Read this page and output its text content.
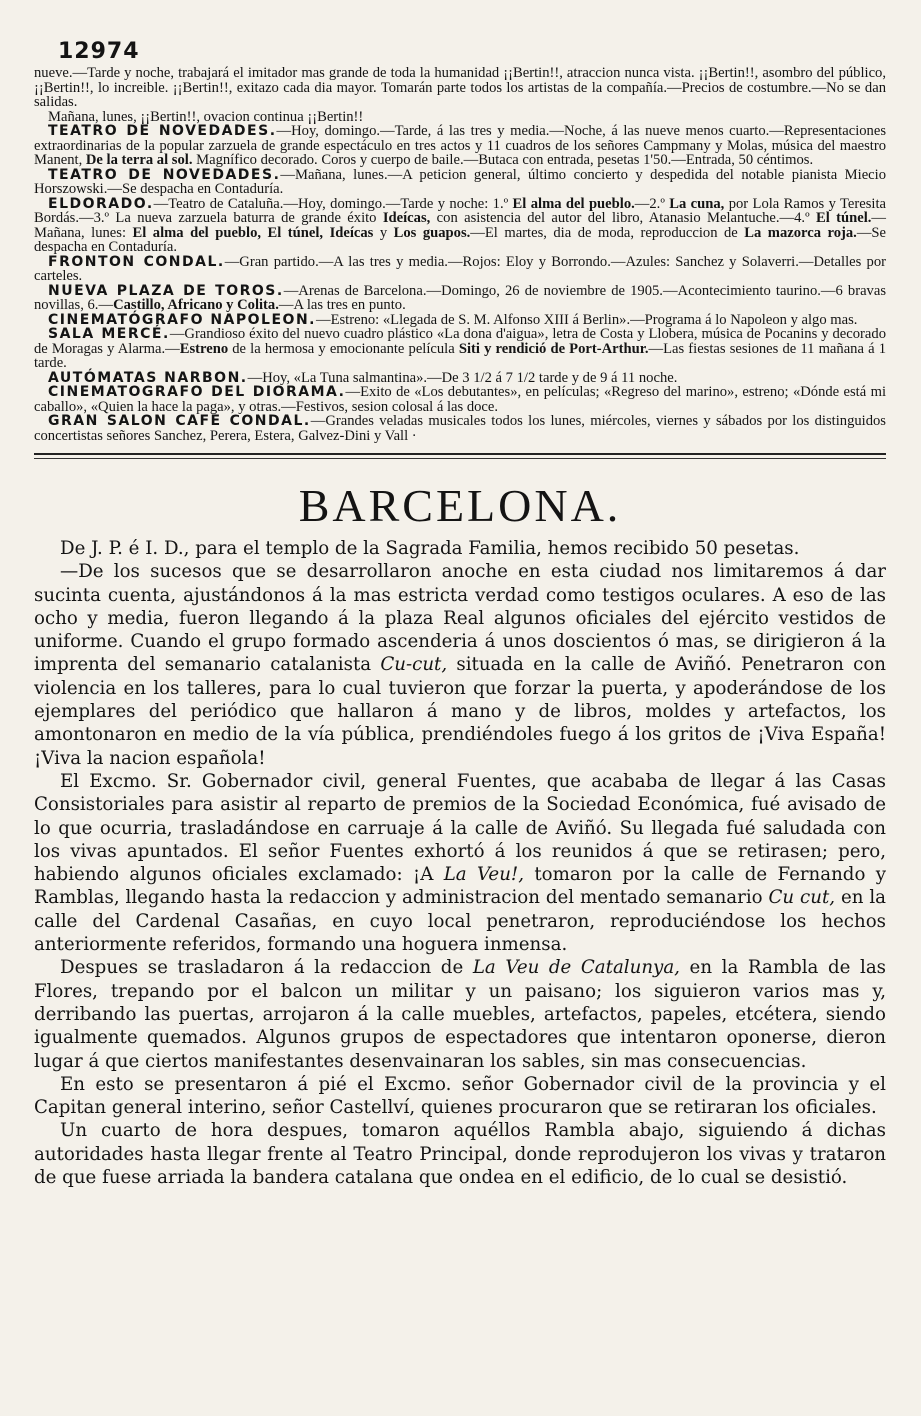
12974

nueve.—Tarde y noche, trabajará el imitador mas grande de toda la humanidad ¡¡Bertin!!, atraccion nunca vista. ¡¡Bertin!!, asombro del público, ¡¡Bertin!!, lo increible. ¡¡Bertin!!, exitazo cada dia mayor. Tomarán parte todos los artistas de la compañía.—Precios de costumbre.—No se dan salidas.

Mañana, lunes, ¡¡Bertin!!, ovacion continua ¡¡Bertin!!

TEATRO DE NOVEDADES.—Hoy, domingo.—Tarde, á las tres y media.—Noche, á las nueve menos cuarto.—Representaciones extraordinarias de la popular zarzuela de grande espectáculo en tres actos y 11 cuadros de los señores Campmany y Molas, música del maestro Manent, De la terra al sol. Magnífico decorado. Coros y cuerpo de baile.—Butaca con entrada, pesetas 1'50.—Entrada, 50 céntimos.

TEATRO DE NOVEDADES.—Mañana, lunes.—A peticion general, último concierto y despedida del notable pianista Miecio Horszowski.—Se despacha en Contaduría.

ELDORADO.—Teatro de Cataluña.—Hoy, domingo.—Tarde y noche: 1.º El alma del pueblo.—2.º La cuna, por Lola Ramos y Teresita Bordás.—3.º La nueva zarzuela baturra de grande éxito Ideícas, con asistencia del autor del libro, Atanasio Melantuche.—4.º El túnel.—Mañana, lunes: El alma del pueblo, El túnel, Ideícas y Los guapos.—El martes, dia de moda, reproduccion de La mazorca roja.—Se despacha en Contaduría.

FRONTON CONDAL.—Gran partido.—A las tres y media.—Rojos: Eloy y Borrondo.—Azules: Sanchez y Solaverri.—Detalles por carteles.

NUEVA PLAZA DE TOROS.—Arenas de Barcelona.—Domingo, 26 de noviembre de 1905.—Acontecimiento taurino.—6 bravas novillas, 6.—Castillo, Africano y Colita.—A las tres en punto.

CINEMATÓGRAFO NAPOLEON.—Estreno: «Llegada de S. M. Alfonso XIII á Berlin».—Programa á lo Napoleon y algo mas.

SALA MERCÉ.—Grandioso éxito del nuevo cuadro plástico «La dona d'aigua», letra de Costa y Llobera, música de Pocanins y decorado de Moragas y Alarma.—Estreno de la hermosa y emocionante película Siti y rendició de Port-Arthur.—Las fiestas sesiones de 11 mañana á 1 tarde.

AUTÓMATAS NARBON.—Hoy, «La Tuna salmantina».—De 3 1/2 á 7 1/2 tarde y de 9 á 11 noche.

CINEMATOGRAFO DEL DIORAMA.—Exito de «Los debutantes», en películas; «Regreso del marino», estreno; «Dónde está mi caballo», «Quien la hace la paga», y otras.—Festivos, sesion colosal á las doce.

GRAN SALON CAFE CONDAL.—Grandes veladas musicales todos los lunes, miércoles, viernes y sábados por los distinguidos concertistas señores Sanchez, Perera, Estera, Galvez-Dini y Vall ·

BARCELONA.

De J. P. é I. D., para el templo de la Sagrada Familia, hemos recibido 50 pesetas.

—De los sucesos que se desarrollaron anoche en esta ciudad nos limitaremos á dar sucinta cuenta, ajustándonos á la mas estricta verdad como testigos oculares. A eso de las ocho y media, fueron llegando á la plaza Real algunos oficiales del ejército vestidos de uniforme. Cuando el grupo formado ascenderia á unos doscientos ó mas, se dirigieron á la imprenta del semanario catalanista Cu-cut, situada en la calle de Aviñó. Penetraron con violencia en los talleres, para lo cual tuvieron que forzar la puerta, y apoderándose de los ejemplares del periódico que hallaron á mano y de libros, moldes y artefactos, los amontonaron en medio de la vía pública, prendiéndoles fuego á los gritos de ¡Viva España! ¡Viva la nacion española!

El Excmo. Sr. Gobernador civil, general Fuentes, que acababa de llegar á las Casas Consistoriales para asistir al reparto de premios de la Sociedad Económica, fué avisado de lo que ocurria, trasladándose en carruaje á la calle de Aviñó. Su llegada fué saludada con los vivas apuntados. El señor Fuentes exhortó á los reunidos á que se retirasen; pero, habiendo algunos oficiales exclamado: ¡A La Veu!, tomaron por la calle de Fernando y Ramblas, llegando hasta la redaccion y administracion del mentado semanario Cu cut, en la calle del Cardenal Casañas, en cuyo local penetraron, reproduciéndose los hechos anteriormente referidos, formando una hoguera inmensa.

Despues se trasladaron á la redaccion de La Veu de Catalunya, en la Rambla de las Flores, trepando por el balcon un militar y un paisano; los siguieron varios mas y, derribando las puertas, arrojaron á la calle muebles, artefactos, papeles, etcétera, siendo igualmente quemados. Algunos grupos de espectadores que intentaron oponerse, dieron lugar á que ciertos manifestantes desenvainaran los sables, sin mas consecuencias.

En esto se presentaron á pié el Excmo. señor Gobernador civil de la provincia y el Capitan general interino, señor Castellví, quienes procuraron que se retiraran los oficiales.

Un cuarto de hora despues, tomaron aquéllos Rambla abajo, siguiendo á dichas autoridades hasta llegar frente al Teatro Principal, donde reprodujeron los vivas y trataron de que fuese arriada la bandera catalana que ondea en el edificio, de lo cual se desistió.
